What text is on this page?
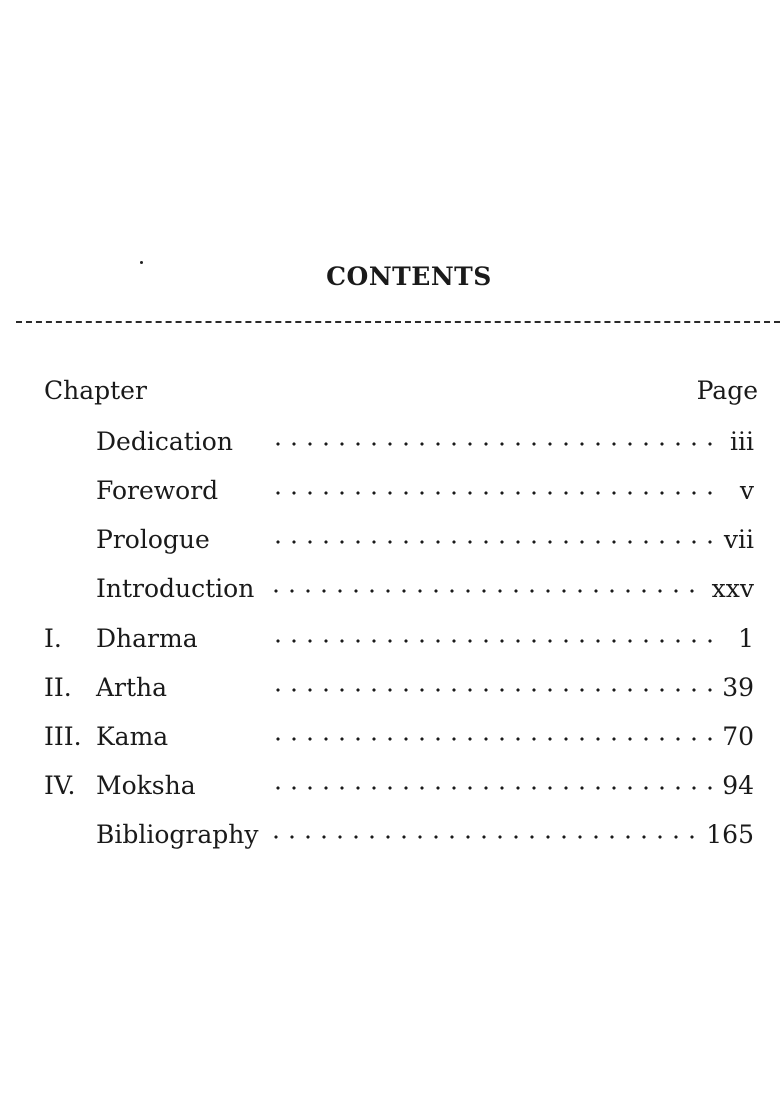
CONTENTS
Chapter	Page
Dedication	iii
Foreword	v
Prologue	vii
Introduction	xxv
I. Dharma	1
II. Artha	39
III. Kama	70
IV. Moksha	94
Bibliography	165
